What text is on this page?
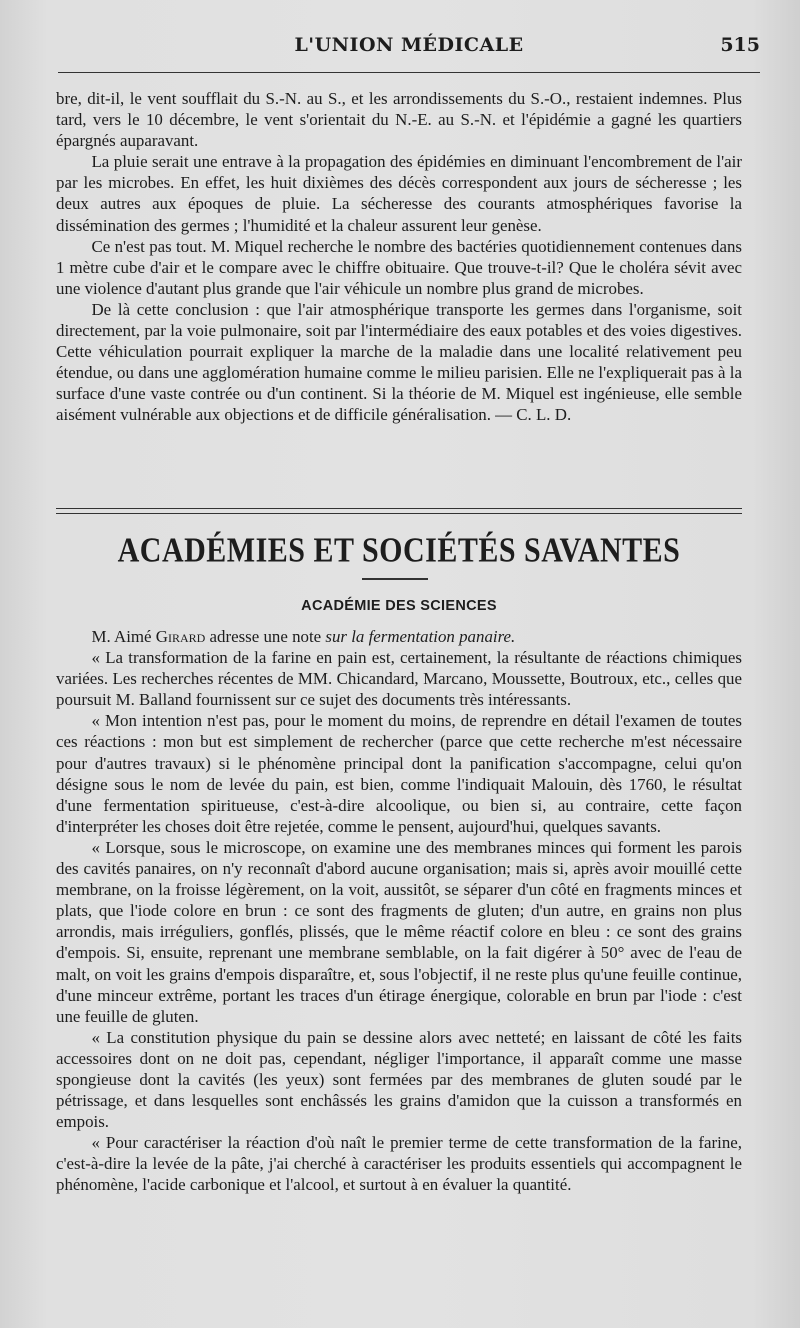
L'UNION MÉDICALE	515

bre, dit-il, le vent soufflait du S.-N. au S., et les arrondissements du S.-O., restaient indemnes. Plus tard, vers le 10 décembre, le vent s'orientait du N.-E. au S.-N. et l'épidémie a gagné les quartiers épargnés auparavant.

La pluie serait une entrave à la propagation des épidémies en diminuant l'encombrement de l'air par les microbes. En effet, les huit dixièmes des décès correspondent aux jours de sécheresse ; les deux autres aux époques de pluie. La sécheresse des courants atmosphériques favorise la dissémination des germes ; l'humidité et la chaleur assurent leur genèse.

Ce n'est pas tout. M. Miquel recherche le nombre des bactéries quotidiennement contenues dans 1 mètre cube d'air et le compare avec le chiffre obituaire. Que trouve-t-il? Que le choléra sévit avec une violence d'autant plus grande que l'air véhicule un nombre plus grand de microbes.

De là cette conclusion : que l'air atmosphérique transporte les germes dans l'organisme, soit directement, par la voie pulmonaire, soit par l'intermédiaire des eaux potables et des voies digestives. Cette véhiculation pourrait expliquer la marche de la maladie dans une localité relativement peu étendue, ou dans une agglomération humaine comme le milieu parisien. Elle ne l'expliquerait pas à la surface d'une vaste contrée ou d'un continent. Si la théorie de M. Miquel est ingénieuse, elle semble aisément vulnérable aux objections et de difficile généralisation. — C. L. D.

ACADÉMIES ET SOCIÉTÉS SAVANTES
ACADÉMIE DES SCIENCES

M. Aimé Girard adresse une note sur la fermentation panaire.

« La transformation de la farine en pain est, certainement, la résultante de réactions chimiques variées. Les recherches récentes de MM. Chicandard, Marcano, Moussette, Boutroux, etc., celles que poursuit M. Balland fournissent sur ce sujet des documents très intéressants.

« Mon intention n'est pas, pour le moment du moins, de reprendre en détail l'examen de toutes ces réactions : mon but est simplement de rechercher (parce que cette recherche m'est nécessaire pour d'autres travaux) si le phénomène principal dont la panification s'accompagne, celui qu'on désigne sous le nom de levée du pain, est bien, comme l'indiquait Malouin, dès 1760, le résultat d'une fermentation spiritueuse, c'est-à-dire alcoolique, ou bien si, au contraire, cette façon d'interpréter les choses doit être rejetée, comme le pensent, aujourd'hui, quelques savants.

« Lorsque, sous le microscope, on examine une des membranes minces qui forment les parois des cavités panaires, on n'y reconnaît d'abord aucune organisation; mais si, après avoir mouillé cette membrane, on la froisse légèrement, on la voit, aussitôt, se séparer d'un côté en fragments minces et plats, que l'iode colore en brun : ce sont des fragments de gluten; d'un autre, en grains non plus arrondis, mais irréguliers, gonflés, plissés, que le même réactif colore en bleu : ce sont des grains d'empois. Si, ensuite, reprenant une membrane semblable, on la fait digérer à 50° avec de l'eau de malt, on voit les grains d'empois disparaître, et, sous l'objectif, il ne reste plus qu'une feuille continue, d'une minceur extrême, portant les traces d'un étirage énergique, colorable en brun par l'iode : c'est une feuille de gluten.

« La constitution physique du pain se dessine alors avec netteté; en laissant de côté les faits accessoires dont on ne doit pas, cependant, négliger l'importance, il apparaît comme une masse spongieuse dont la cavités (les yeux) sont fermées par des membranes de gluten soudé par le pétrissage, et dans lesquelles sont enchâssés les grains d'amidon que la cuisson a transformés en empois.

« Pour caractériser la réaction d'où naît le premier terme de cette transformation de la farine, c'est-à-dire la levée de la pâte, j'ai cherché à caractériser les produits essentiels qui accompagnent le phénomène, l'acide carbonique et l'alcool, et surtout à en évaluer la quantité.
